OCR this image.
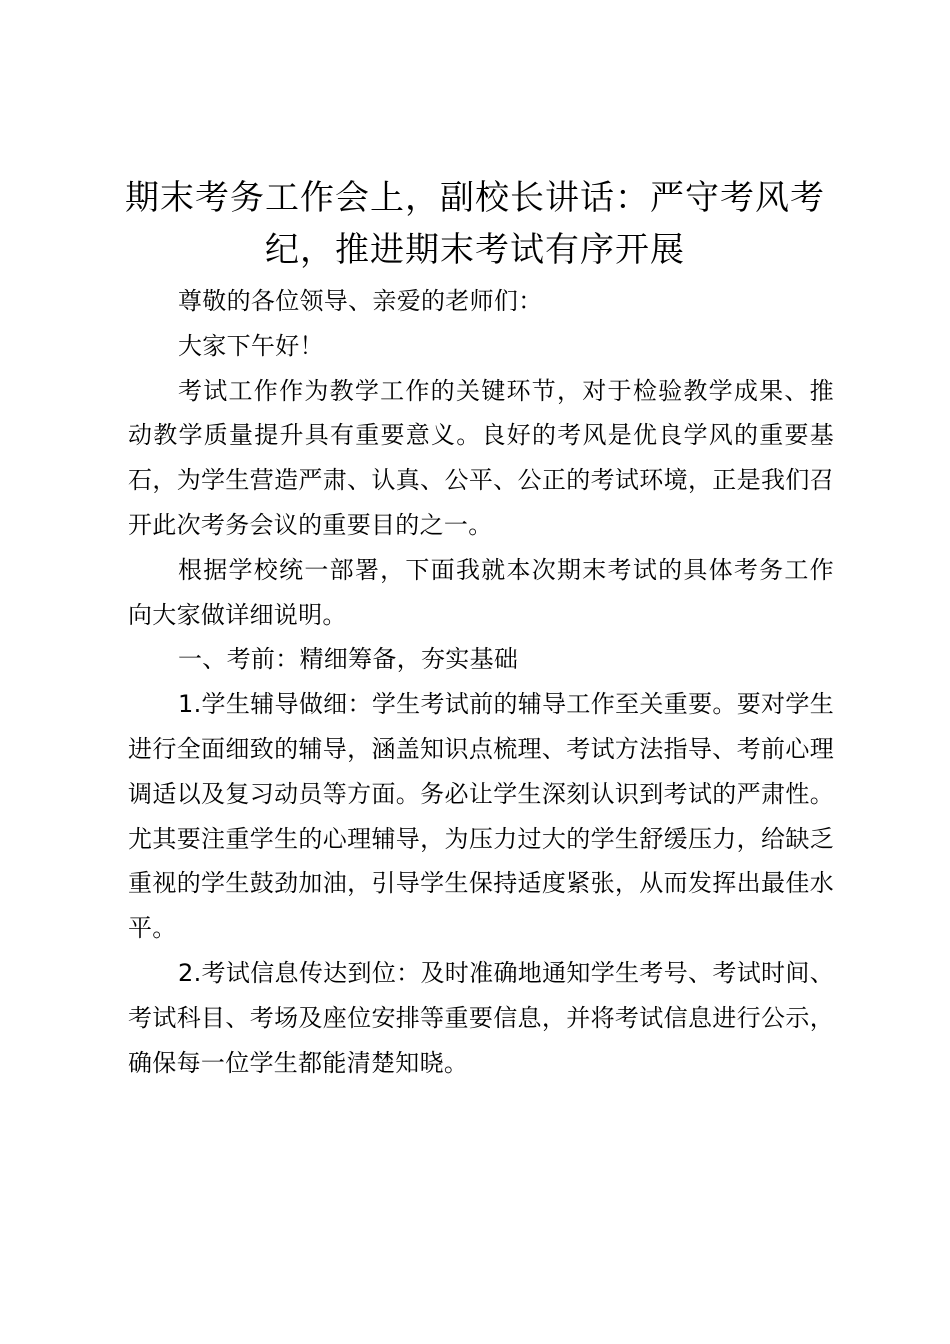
期末考务工作会上，副校长讲话：严守考风考纪，推进期末考试有序开展

尊敬的各位领导、亲爱的老师们：

大家下午好！

考试工作作为教学工作的关键环节，对于检验教学成果、推动教学质量提升具有重要意义。良好的考风是优良学风的重要基石，为学生营造严肃、认真、公平、公正的考试环境，正是我们召开此次考务会议的重要目的之一。

根据学校统一部署，下面我就本次期末考试的具体考务工作向大家做详细说明。

一、考前：精细筹备，夯实基础

1.学生辅导做细：学生考试前的辅导工作至关重要。要对学生进行全面细致的辅导，涵盖知识点梳理、考试方法指导、考前心理调适以及复习动员等方面。务必让学生深刻认识到考试的严肃性。尤其要注重学生的心理辅导，为压力过大的学生舒缓压力，给缺乏重视的学生鼓劲加油，引导学生保持适度紧张，从而发挥出最佳水平。

2.考试信息传达到位：及时准确地通知学生考号、考试时间、考试科目、考场及座位安排等重要信息，并将考试信息进行公示，确保每一位学生都能清楚知晓。
